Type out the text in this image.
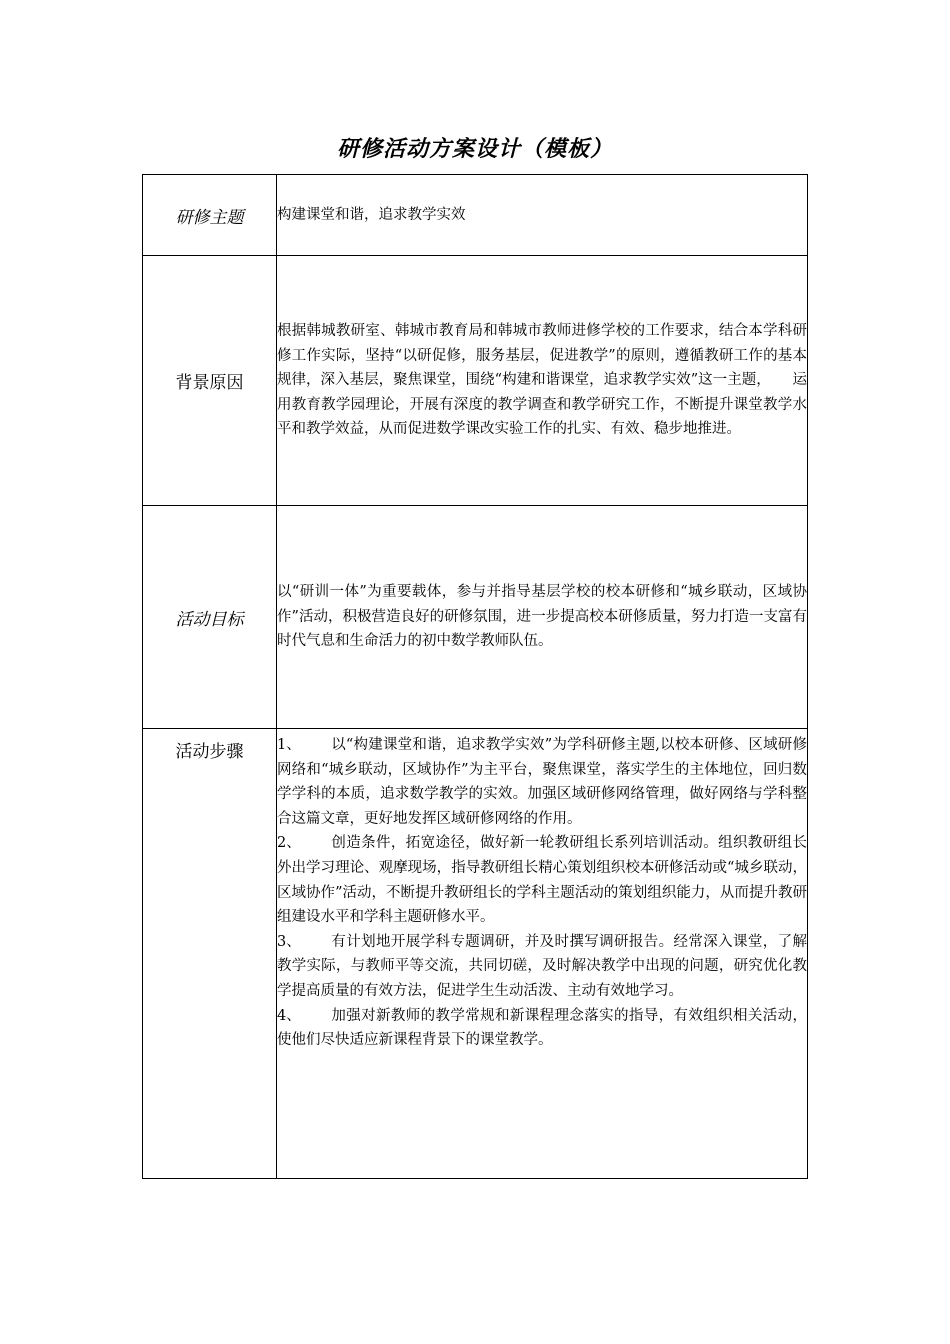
研修活动方案设计（模板）
研修主题	构建课堂和谐，追求教学实效
背景原因	根据韩城教研室、韩城市教育局和韩城市教师进修学校的工作要求，结合本学科研修工作实际，坚持“以研促修，服务基层，促进教学”的原则，遵循教研工作的基本规律，深入基层，聚焦课堂，围绕“构建和谐课堂，追求教学实效”这一主题，　　运用教育教学园理论，开展有深度的教学调查和教学研究工作，不断提升课堂教学水平和教学效益，从而促进数学课改实验工作的扎实、有效、稳步地推进。
活动目标	以“研训一体”为重要载体，参与并指导基层学校的校本研修和“城乡联动，区域协作”活动，积极营造良好的研修氛围，进一步提高校本研修质量，努力打造一支富有时代气息和生命活力的初中数学教师队伍。
活动步骤	1、 以“构建课堂和谐，追求教学实效”为学科研修主题,以校本研修、区域研修网络和“城乡联动，区域协作”为主平台，聚焦课堂，落实学生的主体地位，回归数学学科的本质，追求数学教学的实效。加强区域研修网络管理，做好网络与学科整合这篇文章，更好地发挥区域研修网络的作用。

2、 创造条件，拓宽途径，做好新一轮教研组长系列培训活动。组织教研组长外出学习理论、观摩现场，指导教研组长精心策划组织校本研修活动或“城乡联动，区域协作”活动，不断提升教研组长的学科主题活动的策划组织能力，从而提升教研组建设水平和学科主题研修水平。

3、 有计划地开展学科专题调研，并及时撰写调研报告。经常深入课堂，了解教学实际，与教师平等交流，共同切磋，及时解决教学中出现的问题，研究优化教学提高质量的有效方法，促进学生生动活泼、主动有效地学习。

4、 加强对新教师的教学常规和新课程理念落实的指导，有效组织相关活动，使他们尽快适应新课程背景下的课堂教学。
